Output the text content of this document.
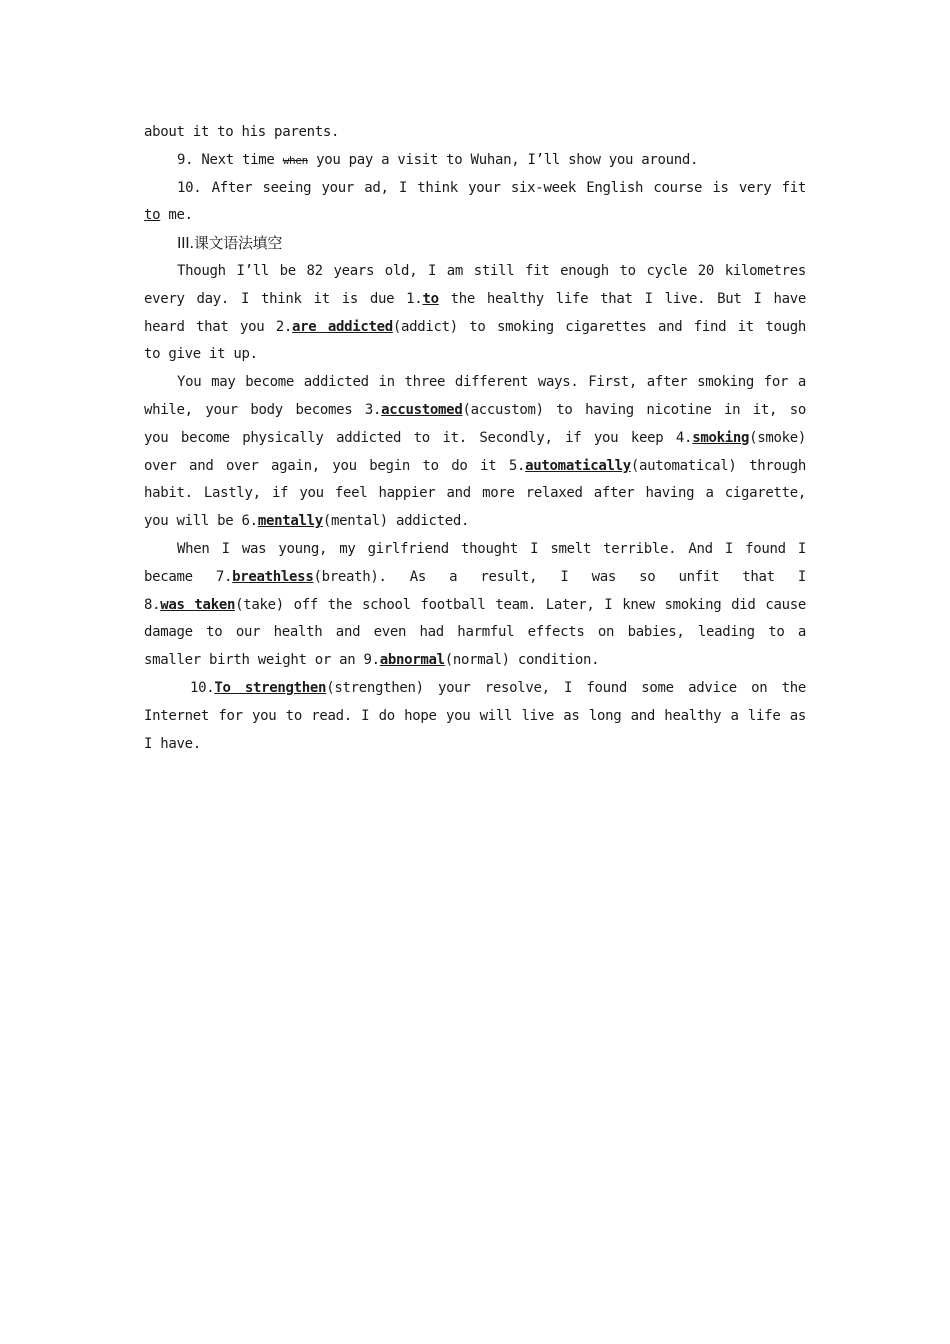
about it to his parents.
9. Next time when you pay a visit to Wuhan, I’ll show you around.
10. After seeing your ad, I think your six-week English course is very fit
to me.
III.课文语法填空
Though I’ll be 82 years old, I am still fit enough to cycle 20 kilometres
every day. I think it is due 1.to the healthy life that I live. But I have
heard that you 2.are addicted(addict) to smoking cigarettes and find it tough
to give it up.
You may become addicted in three different ways. First, after smoking for a
while, your body becomes 3.accustomed(accustom) to having nicotine in it, so
you become physically addicted to it. Secondly, if you keep 4.smoking(smoke)
over and over again, you begin to do it 5.automatically(automatical) through
habit. Lastly, if you feel happier and more relaxed after having a cigarette,
you will be 6.mentally(mental) addicted.
When I was young, my girlfriend thought I smelt terrible. And I found I
became 7.breathless(breath). As a result, I was so unfit that I
8.was taken(take) off the school football team. Later, I knew smoking did cause
damage to our health and even had harmful effects on babies, leading to a
smaller birth weight or an 9.abnormal(normal) condition.
10.To strengthen(strengthen) your resolve, I found some advice on the
Internet for you to read. I do hope you will live as long and healthy a life as
I have.
